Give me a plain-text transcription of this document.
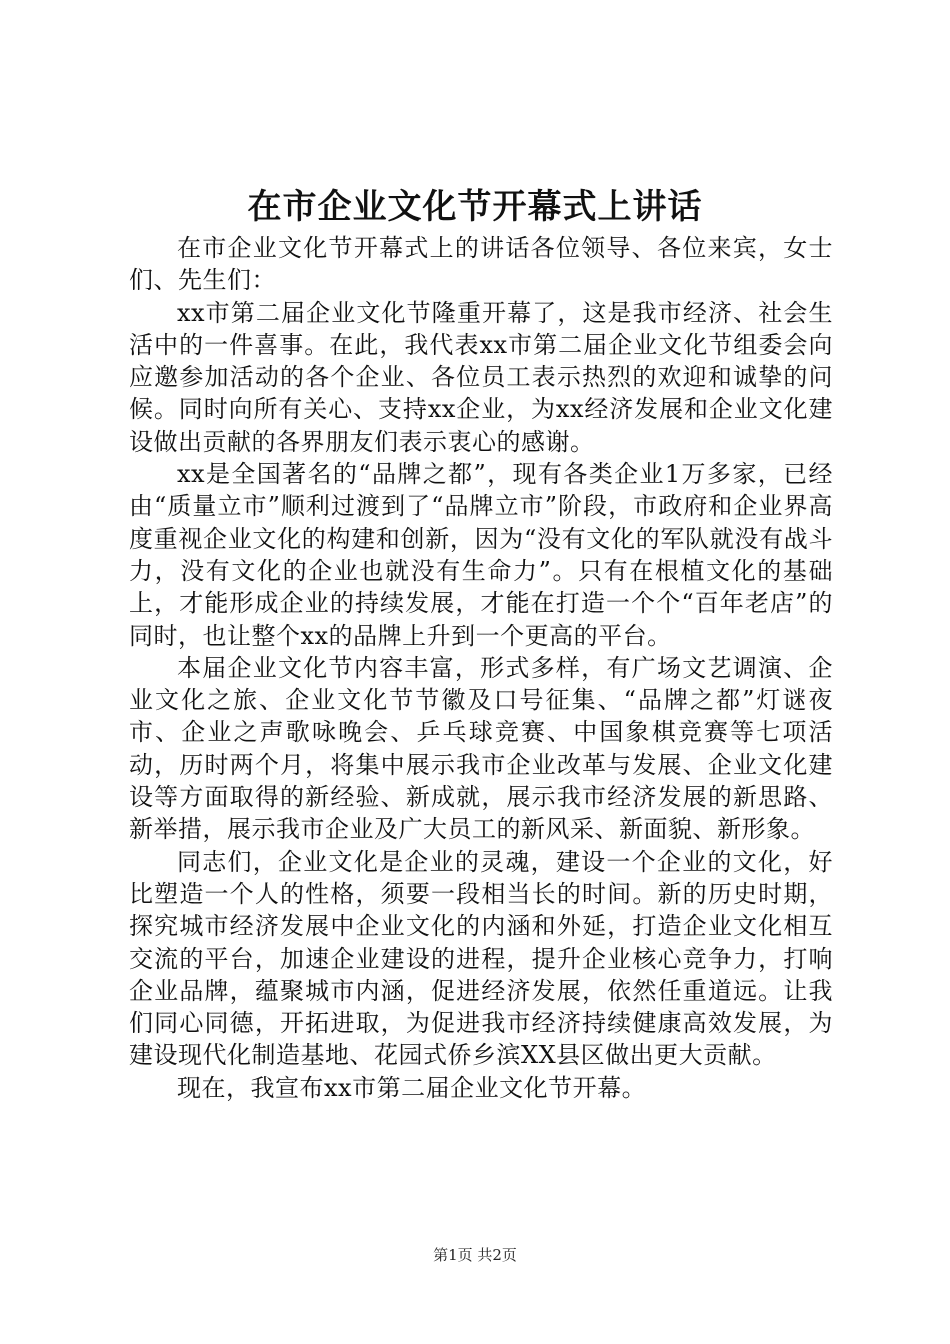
在市企业文化节开幕式上讲话

在市企业文化节开幕式上的讲话各位领导、各位来宾，女士们、先生们：

xx市第二届企业文化节隆重开幕了，这是我市经济、社会生活中的一件喜事。在此，我代表xx市第二届企业文化节组委会向应邀参加活动的各个企业、各位员工表示热烈的欢迎和诚挚的问候。同时向所有关心、支持xx企业，为xx经济发展和企业文化建设做出贡献的各界朋友们表示衷心的感谢。

xx是全国著名的“品牌之都”，现有各类企业1万多家，已经由“质量立市”顺利过渡到了“品牌立市”阶段，市政府和企业界高度重视企业文化的构建和创新，因为“没有文化的军队就没有战斗力，没有文化的企业也就没有生命力”。只有在根植文化的基础上，才能形成企业的持续发展，才能在打造一个个“百年老店”的同时，也让整个xx的品牌上升到一个更高的平台。

本届企业文化节内容丰富，形式多样，有广场文艺调演、企业文化之旅、企业文化节节徽及口号征集、“品牌之都”灯谜夜市、企业之声歌咏晚会、乒乓球竞赛、中国象棋竞赛等七项活动，历时两个月，将集中展示我市企业改革与发展、企业文化建设等方面取得的新经验、新成就，展示我市经济发展的新思路、新举措，展示我市企业及广大员工的新风采、新面貌、新形象。

同志们，企业文化是企业的灵魂，建设一个企业的文化，好比塑造一个人的性格，须要一段相当长的时间。新的历史时期，探究城市经济发展中企业文化的内涵和外延，打造企业文化相互交流的平台，加速企业建设的进程，提升企业核心竞争力，打响企业品牌，蕴聚城市内涵，促进经济发展，依然任重道远。让我们同心同德，开拓进取，为促进我市经济持续健康高效发展，为建设现代化制造基地、花园式侨乡滨XX县区做出更大贡献。

现在，我宣布xx市第二届企业文化节开幕。

第1页 共2页
